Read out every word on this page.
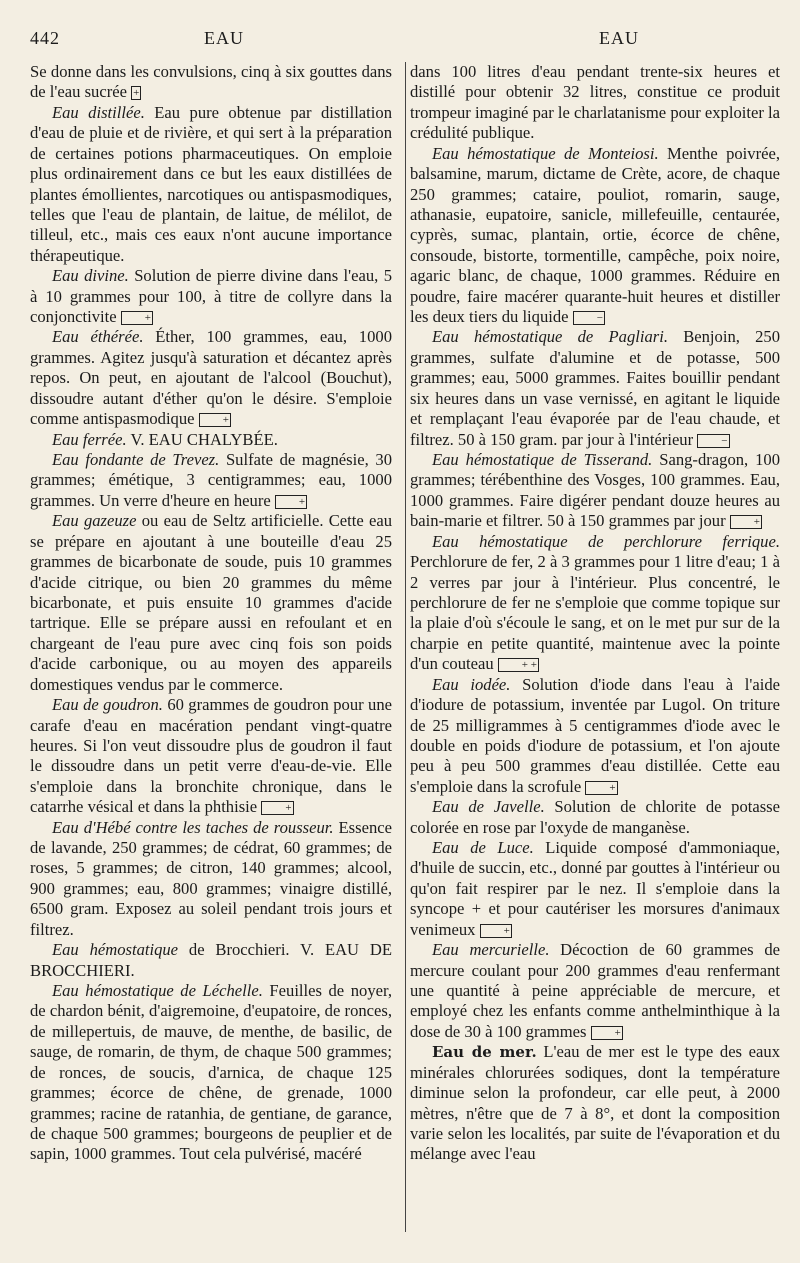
442	EAU	EAU

Se donne dans les convulsions, cinq à six gouttes dans de l'eau sucrée +

Eau distillée. Eau pure obtenue par distillation d'eau de pluie et de rivière, et qui sert à la préparation de certaines potions pharmaceutiques. On emploie plus ordinairement dans ce but les eaux distillées de plantes émollientes, narcotiques ou antispasmodiques, telles que l'eau de plantain, de laitue, de mélilot, de tilleul, etc., mais ces eaux n'ont aucune importance thérapeutique.

Eau divine. Solution de pierre divine dans l'eau, 5 à 10 grammes pour 100, à titre de collyre dans la conjonctivite	+

Eau éthérée. Éther, 100 grammes, eau, 1000 grammes. Agitez jusqu'à saturation et décantez après repos. On peut, en ajoutant de l'alcool (Bouchut), dissoudre autant d'éther qu'on le désire. S'emploie comme antispasmodique	+

Eau ferrée. V. EAU CHALYBÉE.

Eau fondante de Trevez. Sulfate de magnésie, 30 grammes; émétique, 3 centigrammes; eau, 1000 grammes. Un verre d'heure en heure	+

Eau gazeuze ou eau de Seltz artificielle. Cette eau se prépare en ajoutant à une bouteille d'eau 25 grammes de bicarbonate de soude, puis 10 grammes d'acide citrique, ou bien 20 grammes du même bicarbonate, et puis ensuite 10 grammes d'acide tartrique. Elle se prépare aussi en refoulant et en chargeant de l'eau pure avec cinq fois son poids d'acide carbonique, ou au moyen des appareils domestiques vendus par le commerce.

Eau de goudron. 60 grammes de goudron pour une carafe d'eau en macération pendant vingt-quatre heures. Si l'on veut dissoudre plus de goudron il faut le dissoudre dans un petit verre d'eau-de-vie. Elle s'emploie dans la bronchite chronique, dans le catarrhe vésical et dans la phthisie	+

Eau d'Hébé contre les taches de rousseur. Essence de lavande, 250 grammes; de cédrat, 60 grammes; de roses, 5 grammes; de citron, 140 grammes; alcool, 900 grammes; eau, 800 grammes; vinaigre distillé, 6500 gram. Exposez au soleil pendant trois jours et filtrez.

Eau hémostatique de Brocchieri. V. EAU DE BROCCHIERI.

Eau hémostatique de Léchelle. Feuilles de noyer, de chardon bénit, d'aigremoine, d'eupatoire, de ronces, de millepertuis, de mauve, de menthe, de basilic, de sauge, de romarin, de thym, de chaque 500 grammes; de ronces, de soucis, d'arnica, de chaque 125 grammes; écorce de chêne, de grenade, 1000 grammes; racine de ratanhia, de gentiane, de garance, de chaque 500 grammes; bourgeons de peuplier et de sapin, 1000 grammes. Tout cela pulvérisé, macéré

dans 100 litres d'eau pendant trente-six heures et distillé pour obtenir 32 litres, constitue ce produit trompeur imaginé par le charlatanisme pour exploiter la crédulité publique.

Eau hémostatique de Monteiosi. Menthe poivrée, balsamine, marum, dictame de Crète, acore, de chaque 250 grammes; cataire, pouliot, romarin, sauge, athanasie, eupatoire, sanicle, millefeuille, centaurée, cyprès, sumac, plantain, ortie, écorce de chêne, consoude, bistorte, tormentille, campêche, poix noire, agaric blanc, de chaque, 1000 grammes. Réduire en poudre, faire macérer quarante-huit heures et distiller les deux tiers du liquide	−

Eau hémostatique de Pagliari. Benjoin, 250 grammes, sulfate d'alumine et de potasse, 500 grammes; eau, 5000 grammes. Faites bouillir pendant six heures dans un vase vernissé, en agitant le liquide et remplaçant l'eau évaporée par de l'eau chaude, et filtrez. 50 à 150 gram. par jour à l'intérieur	−

Eau hémostatique de Tisserand. Sang-dragon, 100 grammes; térébenthine des Vosges, 100 grammes. Eau, 1000 grammes. Faire digérer pendant douze heures au bain-marie et filtrer. 50 à 150 grammes par jour	+

Eau hémostatique de perchlorure ferrique. Perchlorure de fer, 2 à 3 grammes pour 1 litre d'eau; 1 à 2 verres par jour à l'intérieur. Plus concentré, le perchlorure de fer ne s'emploie que comme topique sur la plaie d'où s'écoule le sang, et on le met pur sur de la charpie en petite quantité, maintenue avec la pointe d'un couteau	+ +

Eau iodée. Solution d'iode dans l'eau à l'aide d'iodure de potassium, inventée par Lugol. On triture de 25 milligrammes à 5 centigrammes d'iode avec le double en poids d'iodure de potassium, et l'on ajoute peu à peu 500 grammes d'eau distillée. Cette eau s'emploie dans la scrofule	+

Eau de Javelle. Solution de chlorite de potasse colorée en rose par l'oxyde de manganèse.

Eau de Luce. Liquide composé d'ammoniaque, d'huile de succin, etc., donné par gouttes à l'intérieur ou qu'on fait respirer par le nez. Il s'emploie dans la syncope + et pour cautériser les morsures d'animaux venimeux	+

Eau mercurielle. Décoction de 60 grammes de mercure coulant pour 200 grammes d'eau renfermant une quantité à peine appréciable de mercure, et employé chez les enfants comme anthelminthique à la dose de 30 à 100 grammes	+

Eau de mer. L'eau de mer est le type des eaux minérales chlorurées sodiques, dont la température diminue selon la profondeur, car elle peut, à 2000 mètres, n'être que de 7 à 8°, et dont la composition varie selon les localités, par suite de l'évaporation et du mélange avec l'eau
